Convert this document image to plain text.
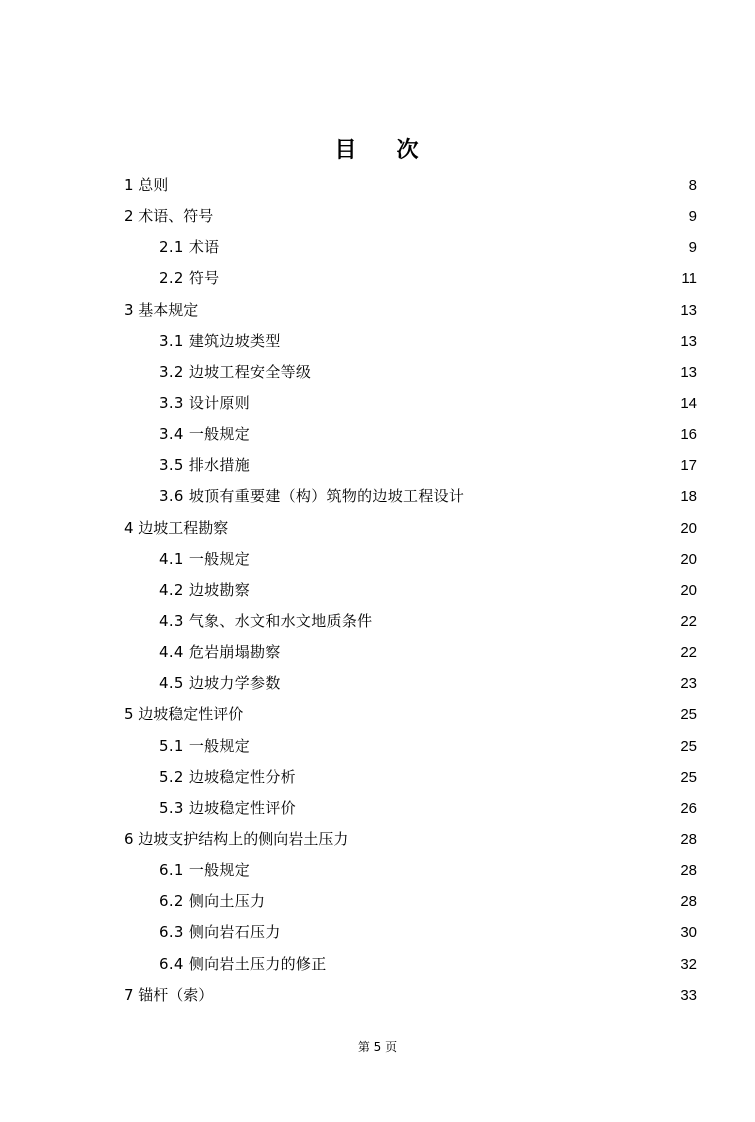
目 次
1 总则	8
2 术语、符号	9
2.1 术语	9
2.2 符号	11
3 基本规定	13
3.1 建筑边坡类型	13
3.2 边坡工程安全等级	13
3.3 设计原则	14
3.4 一般规定	16
3.5 排水措施	17
3.6 坡顶有重要建（构）筑物的边坡工程设计	18
4 边坡工程勘察	20
4.1 一般规定	20
4.2 边坡勘察	20
4.3 气象、水文和水文地质条件	22
4.4 危岩崩塌勘察	22
4.5 边坡力学参数	23
5 边坡稳定性评价	25
5.1 一般规定	25
5.2 边坡稳定性分析	25
5.3 边坡稳定性评价	26
6 边坡支护结构上的侧向岩土压力	28
6.1 一般规定	28
6.2 侧向土压力	28
6.3 侧向岩石压力	30
6.4 侧向岩土压力的修正	32
7 锚杆（索）	33
第 5 页
